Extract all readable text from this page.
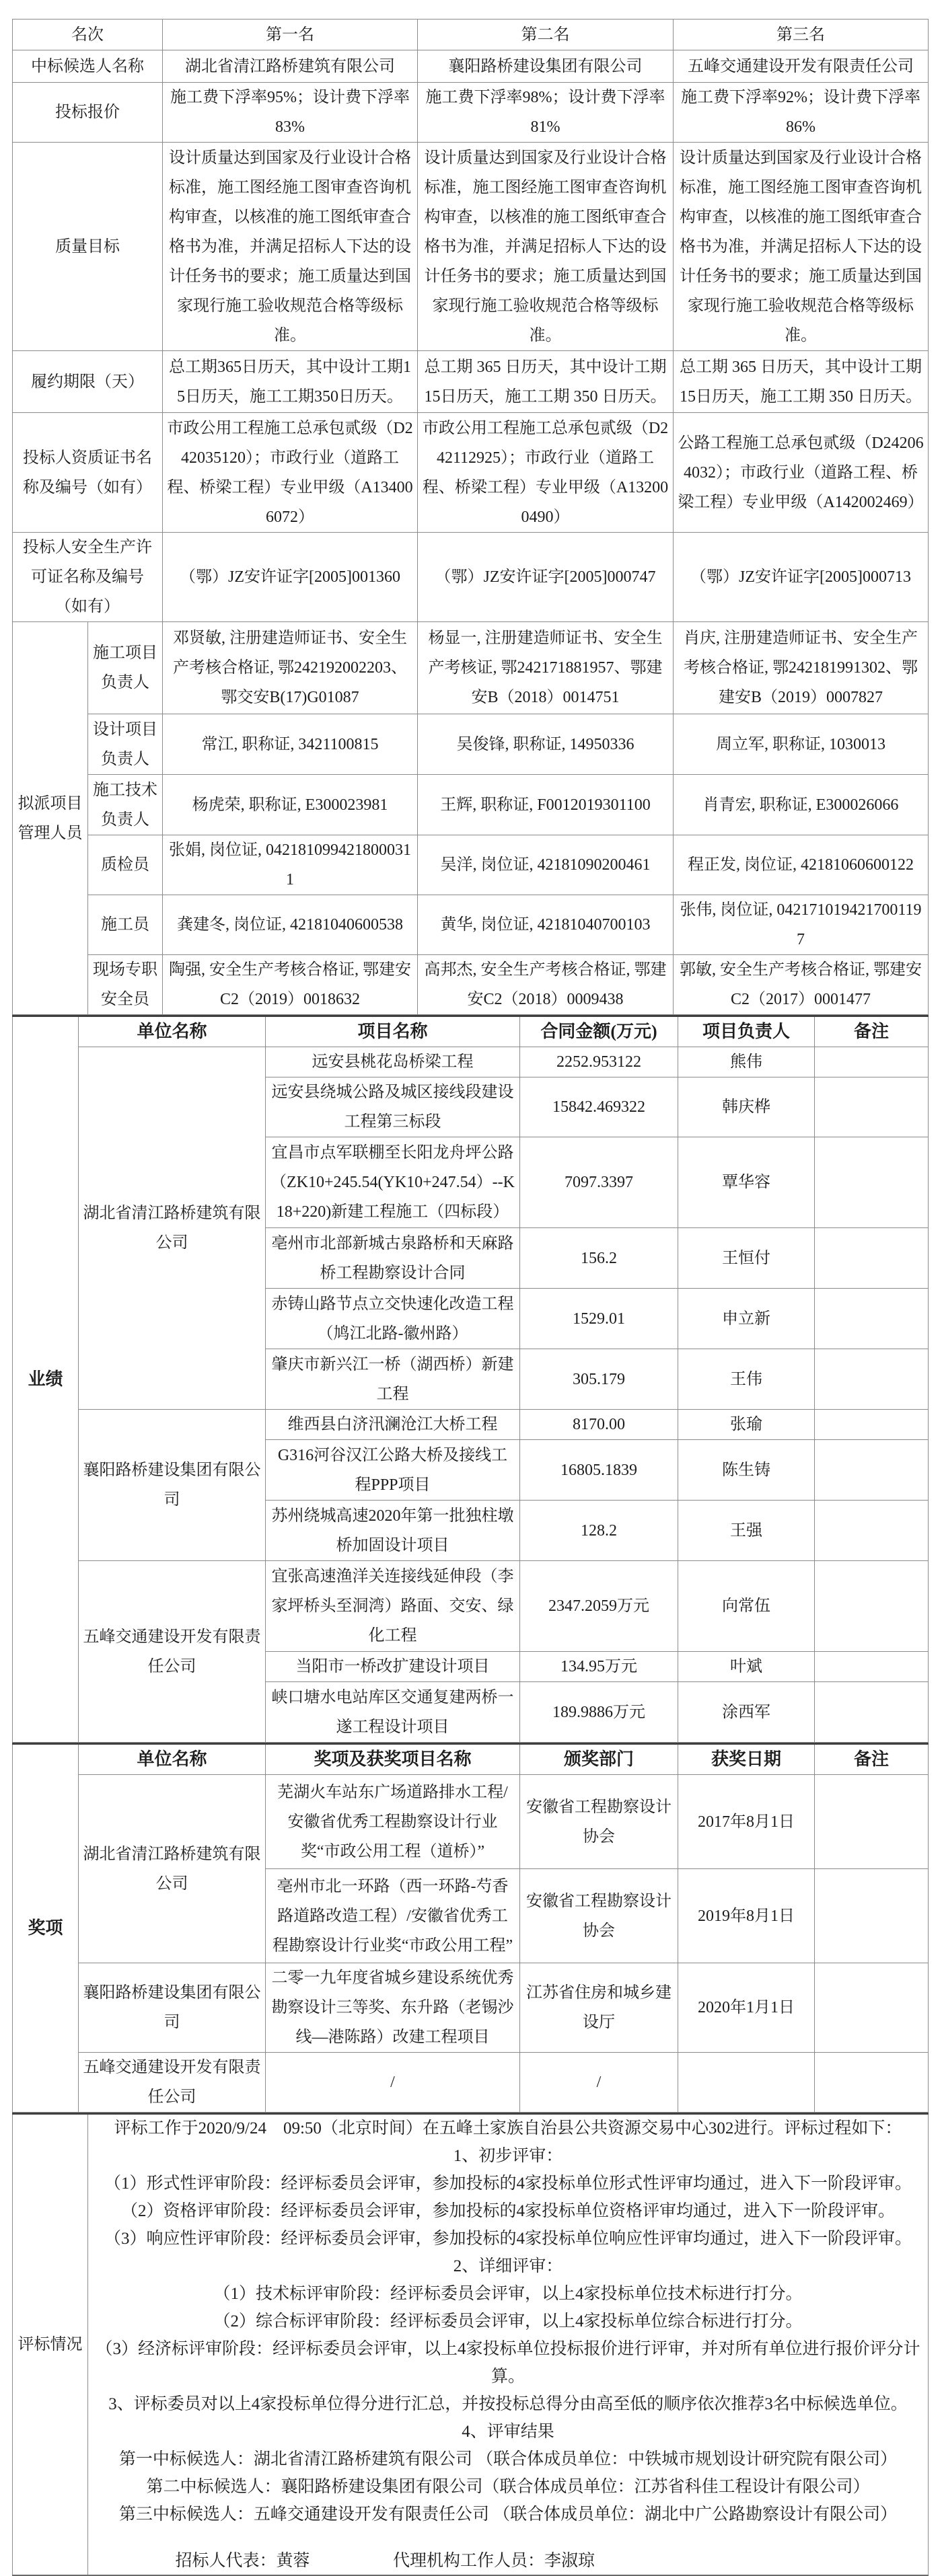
名次		第一名	第二名	第三名
中标候选人名称		湖北省清江路桥建筑有限公司	襄阳路桥建设集团有限公司	五峰交通建设开发有限责任公司
投标报价		施工费下浮率95%；设计费下浮率83%	施工费下浮率98%；设计费下浮率81%	施工费下浮率92%；设计费下浮率86%
质量目标		设计质量达到国家及行业设计合格标准，施工图经施工图审查咨询机构审查，以核准的施工图纸审查合格书为准，并满足招标人下达的设计任务书的要求；施工质量达到国家现行施工验收规范合格等级标准。	设计质量达到国家及行业设计合格标准，施工图经施工图审查咨询机构审查，以核准的施工图纸审查合格书为准，并满足招标人下达的设计任务书的要求；施工质量达到国家现行施工验收规范合格等级标准。	设计质量达到国家及行业设计合格标准，施工图经施工图审查咨询机构审查，以核准的施工图纸审查合格书为准，并满足招标人下达的设计任务书的要求；施工质量达到国家现行施工验收规范合格等级标准。
履约期限（天）		总工期365日历天，其中设计工期15日历天，施工工期350日历天。	总工期 365 日历天，其中设计工期15日历天，施工工期 350 日历天。	总工期 365 日历天，其中设计工期15日历天，施工工期 350 日历天。
投标人资质证书名称及编号（如有）		市政公用工程施工总承包贰级（D242035120）；市政行业（道路工程、桥梁工程）专业甲级（A134006072）	市政公用工程施工总承包贰级（D242112925）；市政行业（道路工程、桥梁工程）专业甲级（A132000490）	公路工程施工总承包贰级（D242064032）；市政行业（道路工程、桥梁工程）专业甲级（A142002469）
投标人安全生产许可证名称及编号（如有）		（鄂）JZ安许证字[2005]001360	（鄂）JZ安许证字[2005]000747	（鄂）JZ安许证字[2005]000713
拟派项目管理人员	施工项目负责人	邓贤敏, 注册建造师证书、安全生产考核合格证, 鄂242192002203、鄂交安B(17)G01087	杨显一, 注册建造师证书、安全生产考核证, 鄂242171881957、鄂建安B（2018）0014751	肖庆, 注册建造师证书、安全生产考核合格证, 鄂242181991302、鄂建安B（2019）0007827
	设计项目负责人	常江, 职称证, 3421100815	吴俊锋, 职称证, 14950336	周立军, 职称证, 1030013
	施工技术负责人	杨虎荣, 职称证, E300023981	王辉, 职称证, F0012019301100	肖青宏, 职称证, E300026066
	质检员	张娟, 岗位证, 0421810994218000311	吴洋, 岗位证, 42181090200461	程正发, 岗位证, 42181060600122
	施工员	龚建冬, 岗位证, 42181040600538	黄华, 岗位证, 42181040700103	张伟, 岗位证, 0421710194217001197
	现场专职安全员	陶强, 安全生产考核合格证, 鄂建安C2（2019）0018632	高邦杰, 安全生产考核合格证, 鄂建安C2（2018）0009438	郭敏, 安全生产考核合格证, 鄂建安C2（2017）0001477
业绩	单位名称	项目名称	合同金额(万元)	项目负责人	备注
	湖北省清江路桥建筑有限公司	远安县桃花岛桥梁工程	2252.953122	熊伟	
		远安县绕城公路及城区接线段建设工程第三标段	15842.469322	韩庆桦	
		宜昌市点军联棚至长阳龙舟坪公路（ZK10+245.54(YK10+247.54）--K18+220)新建工程施工（四标段）	7097.3397	覃华容	
		亳州市北部新城古泉路桥和天麻路桥工程勘察设计合同	156.2	王恒付	
		赤铸山路节点立交快速化改造工程（鸠江北路-徽州路）	1529.01	申立新	
		肇庆市新兴江一桥（湖西桥）新建工程	305.179	王伟	
	襄阳路桥建设集团有限公司	维西县白济汛澜沧江大桥工程	8170.00	张瑜	
		G316河谷汉江公路大桥及接线工程PPP项目	16805.1839	陈生铸	
		苏州绕城高速2020年第一批独柱墩桥加固设计项目	128.2	王强	
	五峰交通建设开发有限责任公司	宜张高速渔洋关连接线延伸段（李家坪桥头至洞湾）路面、交安、绿化工程	2347.2059万元	向常伍	
		当阳市一桥改扩建设计项目	134.95万元	叶斌	
		峡口塘水电站库区交通复建两桥一遂工程设计项目	189.9886万元	涂西军	
奖项	单位名称	奖项及获奖项目名称	颁奖部门	获奖日期	备注
	湖北省清江路桥建筑有限公司	芜湖火车站东广场道路排水工程/安徽省优秀工程勘察设计行业奖“市政公用工程（道桥）”	安徽省工程勘察设计协会	2017年8月1日	
		亳州市北一环路（西一环路-芍香路道路改造工程）/安徽省优秀工程勘察设计行业奖“市政公用工程”	安徽省工程勘察设计协会	2019年8月1日	
	襄阳路桥建设集团有限公司	二零一九年度省城乡建设系统优秀勘察设计三等奖、东升路（老锡沙线—港陈路）改建工程项目	江苏省住房和城乡建设厅	2020年1月1日	
	五峰交通建设开发有限责任公司	/	/		
评标情况	
评标工作于2020/9/24　09:50（北京时间）在五峰土家族自治县公共资源交易中心302进行。评标过程如下：
1、初步评审：
（1）形式性评审阶段：经评标委员会评审，参加投标的4家投标单位形式性评审均通过，进入下一阶段评审。
（2）资格评审阶段：经评标委员会评审，参加投标的4家投标单位资格评审均通过，进入下一阶段评审。
（3）响应性评审阶段：经评标委员会评审，参加投标的4家投标单位响应性评审均通过，进入下一阶段评审。
2、详细评审：
（1）技术标评审阶段：经评标委员会评审，以上4家投标单位技术标进行打分。
（2）综合标评审阶段：经评标委员会评审，以上4家投标单位综合标进行打分。
（3）经济标评审阶段：经评标委员会评审，以上4家投标单位投标报价进行评审，并对所有单位进行报价评分计算。
3、评标委员对以上4家投标单位得分进行汇总，并按投标总得分由高至低的顺序依次推荐3名中标候选单位。
4、评审结果
第一中标候选人：湖北省清江路桥建筑有限公司 （联合体成员单位：中铁城市规划设计研究院有限公司）
第二中标候选人：襄阳路桥建设集团有限公司（联合体成员单位：江苏省科佳工程设计有限公司）
第三中标候选人：五峰交通建设开发有限责任公司 （联合体成员单位：湖北中广公路勘察设计有限公司）
招标人代表：黄蓉	代理机构工作人员：李淑琼
